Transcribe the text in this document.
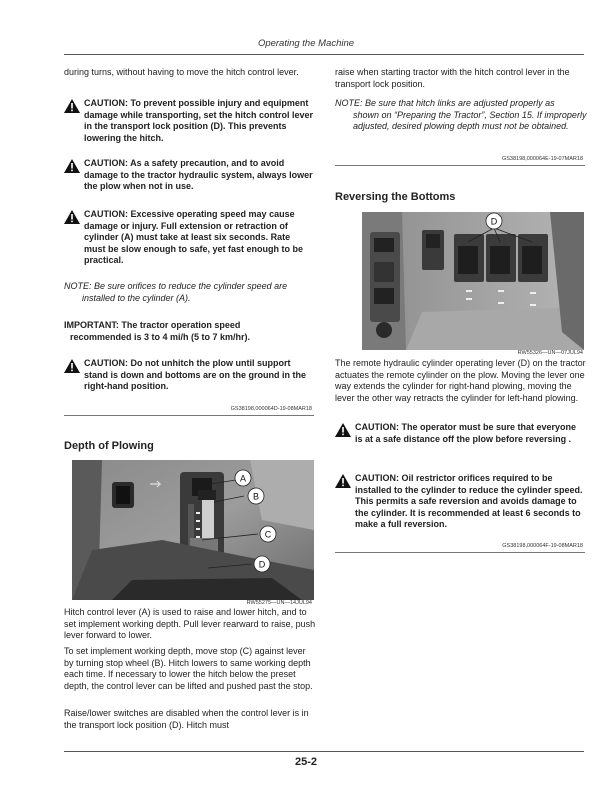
Operating the Machine

during turns, without having to move the hitch control lever.

CAUTION: To prevent possible injury and equipment damage while transporting, set the hitch control lever in the transport lock position (D). This prevents lowering the hitch.

CAUTION: As a safety precaution, and to avoid damage to the tractor hydraulic system, always lower the plow when not in use.

CAUTION: Excessive operating speed may cause damage or injury. Full extension or retraction of cylinder (A) must take at least six seconds. Rate must be slow enough to safe, yet fast enough to be practical.

NOTE: Be sure orifices to reduce the cylinder speed are

installed to the cylinder (A).

IMPORTANT: The tractor operation speed

recommended is 3 to 4 mi/h (5 to 7 km/hr).

CAUTION: Do not unhitch the plow until support stand is down and bottoms are on the ground in the right-hand position.

GS38198,000064D-19-08MAR18
Depth of Plowing
A
B
C
D
RW55275—UN—14JUL94

Hitch control lever (A) is used to raise and lower hitch, and to set implement working depth. Pull lever rearward to raise, push lever forward to lower.

To set implement working depth, move stop (C) against lever by turning stop wheel (B). Hitch lowers to same working depth each time. If necessary to lower the hitch below the preset depth, the control lever can be lifted and pushed past the stop.

Raise/lower switches are disabled when the control lever is in the transport lock position (D). Hitch must

raise when starting tractor with the hitch control lever in the transport lock position.

NOTE: Be sure that hitch links are adjusted properly as

shown on “Preparing the Tractor”, Section 15. If improperly adjusted, desired plowing depth must not be obtained.

GS38198,000064E-19-07MAR18
Reversing the Bottoms
D
RW55326—UN—07JUL94

The remote hydraulic cylinder operating lever (D) on the tractor actuates the remote cylinder on the plow. Moving the lever one way extends the cylinder for right-hand plowing, moving the lever the other way retracts the cylinder for left-hand plowing.

CAUTION: The operator must be sure that everyone is at a safe distance off the plow before reversing .

CAUTION: Oil restrictor orifices required to be installed to the cylinder to reduce the cylinder speed. This permits a safe reversion and avoids damage to the cylinder. It is recommended at least 6 seconds to make a full reversion.

GS38198,000064F-19-08MAR18
25-2
